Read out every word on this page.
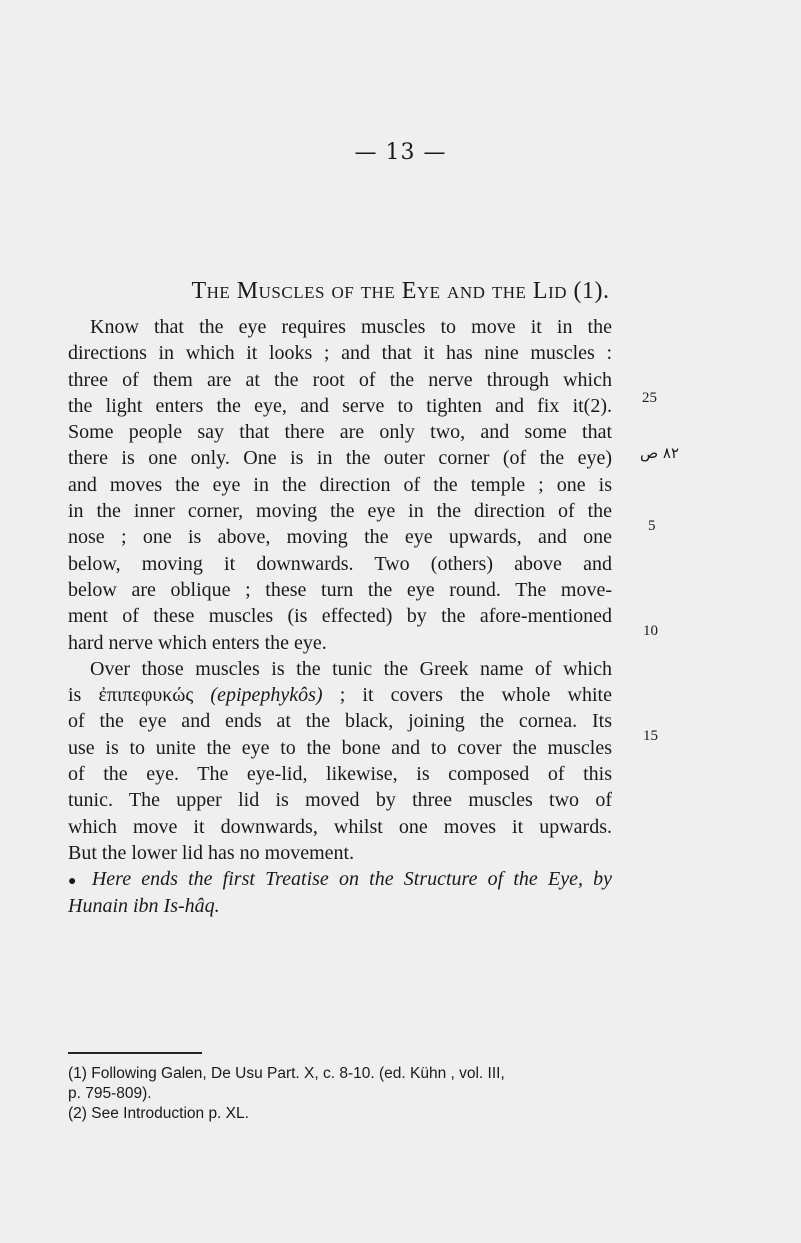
— 13 —
The Muscles of the Eye and the Lid (1).
Know that the eye requires muscles to move it in the
directions in which it looks ; and that it has nine muscles :
three of them are at the root of the nerve through which
the light enters the eye, and serve to tighten and fix it(2).
Some people say that there are only two, and some that
there is one only. One is in the outer corner (of the eye)
and moves the eye in the direction of the temple ; one is
in the inner corner, moving the eye in the direction of the
nose ; one is above, moving the eye upwards, and one
below, moving it downwards. Two (others) above and
below are oblique ; these turn the eye round. The move-
ment of these muscles (is effected) by the afore-mentioned
hard nerve which enters the eye.
Over those muscles is the tunic the Greek name of which
is ἐπιπεφυκώς (epipephykôs) ; it covers the whole white
of the eye and ends at the black, joining the cornea. Its
use is to unite the eye to the bone and to cover the muscles
of the eye. The eye-lid, likewise, is composed of this
tunic. The upper lid is moved by three muscles two of
which move it downwards, whilst one moves it upwards.
But the lower lid has no movement.
● Here ends the first Treatise on the Structure of the Eye, by
Hunain ibn Is-hâq.
25
٨٢ ص
5
10
15
(1) Following Galen, De Usu Part. X, c. 8-10. (ed. Kühn , vol. III,
p. 795-809).
(2) See Introduction p. XL.
